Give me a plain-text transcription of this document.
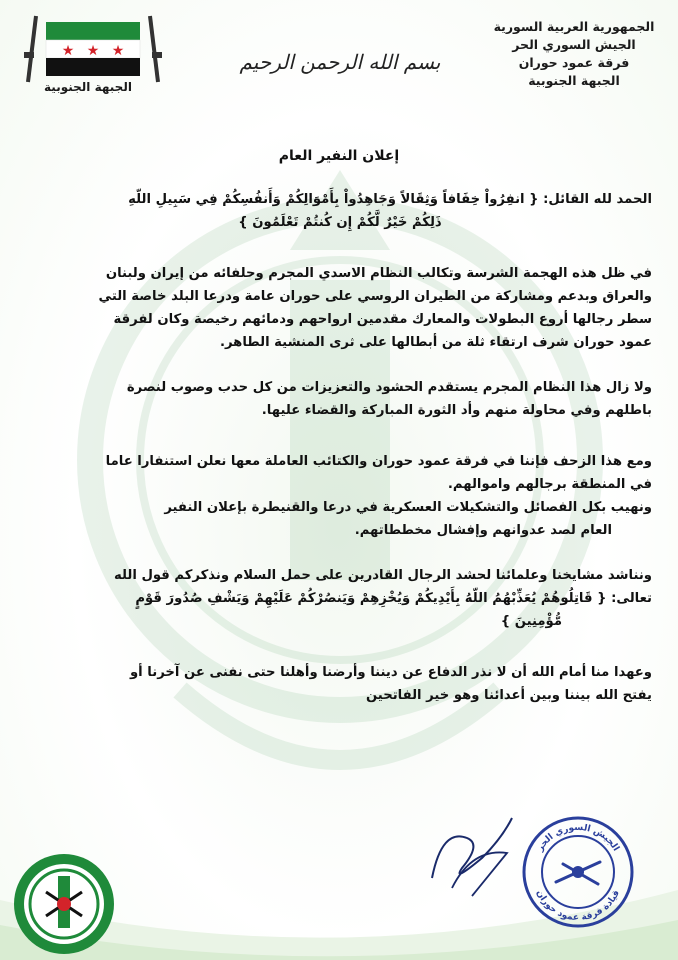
الجمهورية العربية السورية
الجيش السوري الحر
فرقة عمود حوران
الجبهة الجنوبية
★ ★ ★
الجبهة الجنوبية
بسم الله الرحمن الرحيم
إعلان النفير العام

الحمد لله القائل: { انفِرُواْ خِفَافاً وَثِقَالاً وَجَاهِدُواْ بِأَمْوَالِكُمْ وَأَنفُسِكُمْ فِي سَبِيلِ اللّهِ

ذَلِكُمْ خَيْرٌ لَّكُمْ إِن كُنتُمْ تَعْلَمُونَ }

في ظل هذه الهجمة الشرسة وتكالب النظام الاسدي المجرم وحلفائه من إيران ولبنان

والعراق وبدعم ومشاركة من الطيران الروسي على حوران عامة ودرعا البلد خاصة التي

سطر رجالها أروع البطولات والمعارك مقدمين ارواحهم ودمائهم رخيصة وكان لفرقة

عمود حوران شرف ارتقاء ثلة من أبطالها على ثرى المنشية الطاهر.

ولا زال هذا النظام المجرم يستقدم الحشود والتعزيزات من كل حدب وصوب لنصرة

باطلهم وفي محاولة منهم وأد الثورة المباركة والقضاء عليها.

ومع هذا الزحف فإننا في فرقة عمود حوران والكتائب العاملة معها نعلن استنفارا عاما

في المنطقة برجالهم واموالهم.

ونهيب بكل الفصائل والتشكيلات العسكرية في درعا والقنيطرة بإعلان النفير

العام لصد عدوانهم وإفشال مخططاتهم.

ونناشد مشايخنا وعلمائنا لحشد الرجال القادرين على حمل السلام ونذكركم قول الله

تعالى: { قَاتِلُوهُمْ يُعَذِّبْهُمُ اللّهُ بِأَيْدِيكُمْ وَيُخْزِهِمْ وَيَنصُرْكُمْ عَلَيْهِمْ وَيَشْفِ صُدُورَ قَوْمٍ

مُّؤْمِنِينَ }

وعهدا منا أمام الله أن لا نذر الدفاع عن ديننا وأرضنا وأهلنا حتى نفنى عن آخرنا أو

يفتح الله بيننا وبين أعدائنا وهو خير الفاتحين

الجيش السوري الحر
قيادة فرقة عمود حوران
